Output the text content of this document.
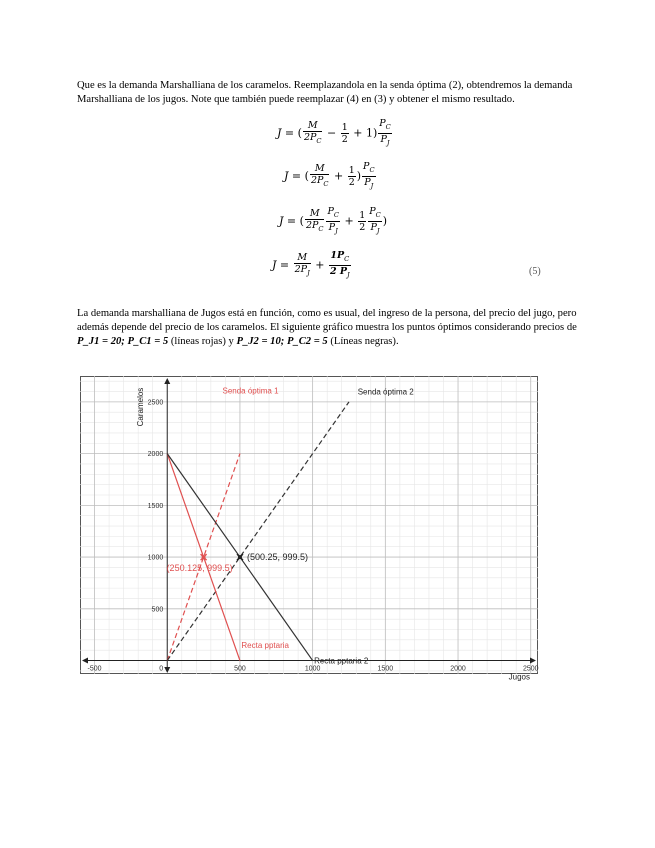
Que es la demanda Marshalliana de los caramelos. Reemplazandola en la senda óptima (2), obtendremos la demanda Marshalliana de los jugos. Note que también puede reemplazar (4) en (3) y obtener el mismo resultado.

J = ( $\frac{M}{2P_C} - \frac{1}{2} + 1) \frac{P_C}{P_J}$
J = ( $\frac{M}{2P_C} + \frac{1}{2}$ ) $\frac{P_C}{P_J}$
J = ( $\frac{M}{2P_C} \frac{P_C}{P_J} + \frac{1}{2} \frac{P_C}{P_J}$ )
$J = \frac{M}{2P_J} + \frac{1P_C}{2 P_J}$	(5)

La demanda marshalliana de Jugos está en función, como es usual, del ingreso de la persona, del precio del jugo, pero además depende del precio de los caramelos. El siguiente gráfico muestra los puntos óptimos considerando precios de P_J1 = 20; P_C1 = 5 (líneas rojas) y P_J2 = 10; P_C2 = 5 (Líneas negras).

-500	0	500	1000	1500	2000	2500
500
1000
1500
2000
2500
Jugos
Caramelos
(250.125, 999.5)
(500.25, 999.5)
Senda óptima 1	Senda óptima 2
Recta pptaria
Recta pptaria 2
